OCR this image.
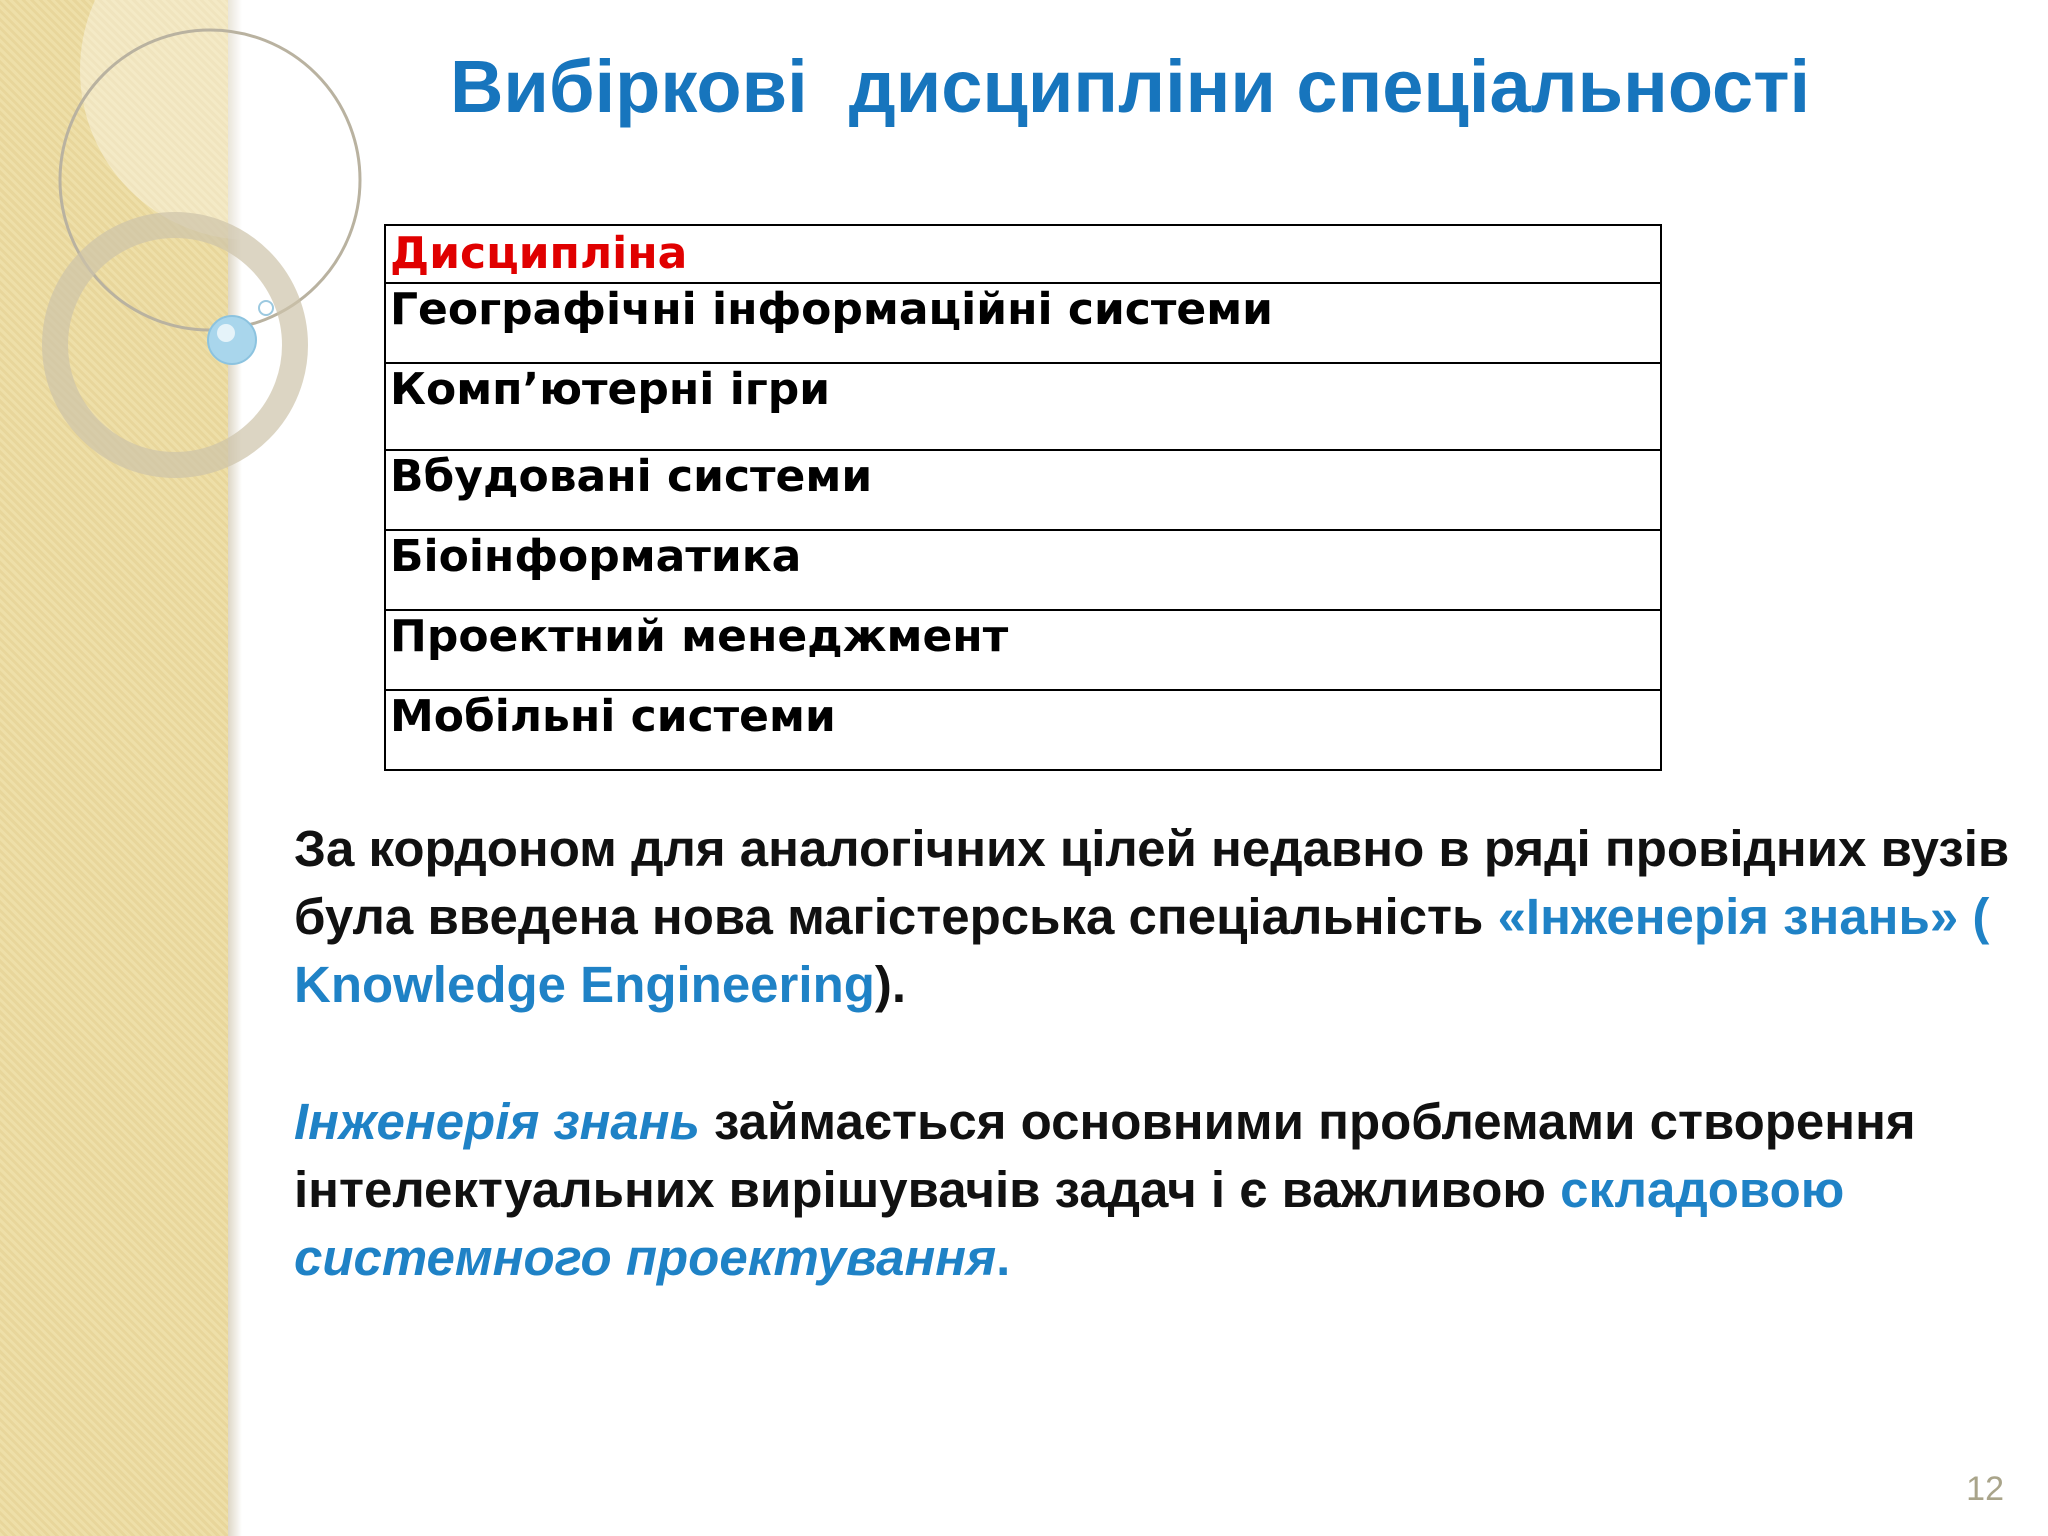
Вибіркові  дисципліни спеціальності
Дисципліна
Географічні інформаційні системи
Комп’ютерні ігри
Вбудовані системи
Біоінформатика
Проектний менеджмент
Мобільні системи

За кордоном для аналогічних цілей недавно в ряді провідних вузів була введена нова магістерська спеціальність «Інженерія знань» ( Knowledge Engineering).

Інженерія знань займається основними проблемами створення інтелектуальних вирішувачів задач і є важливою складовою системного проектування.

12
